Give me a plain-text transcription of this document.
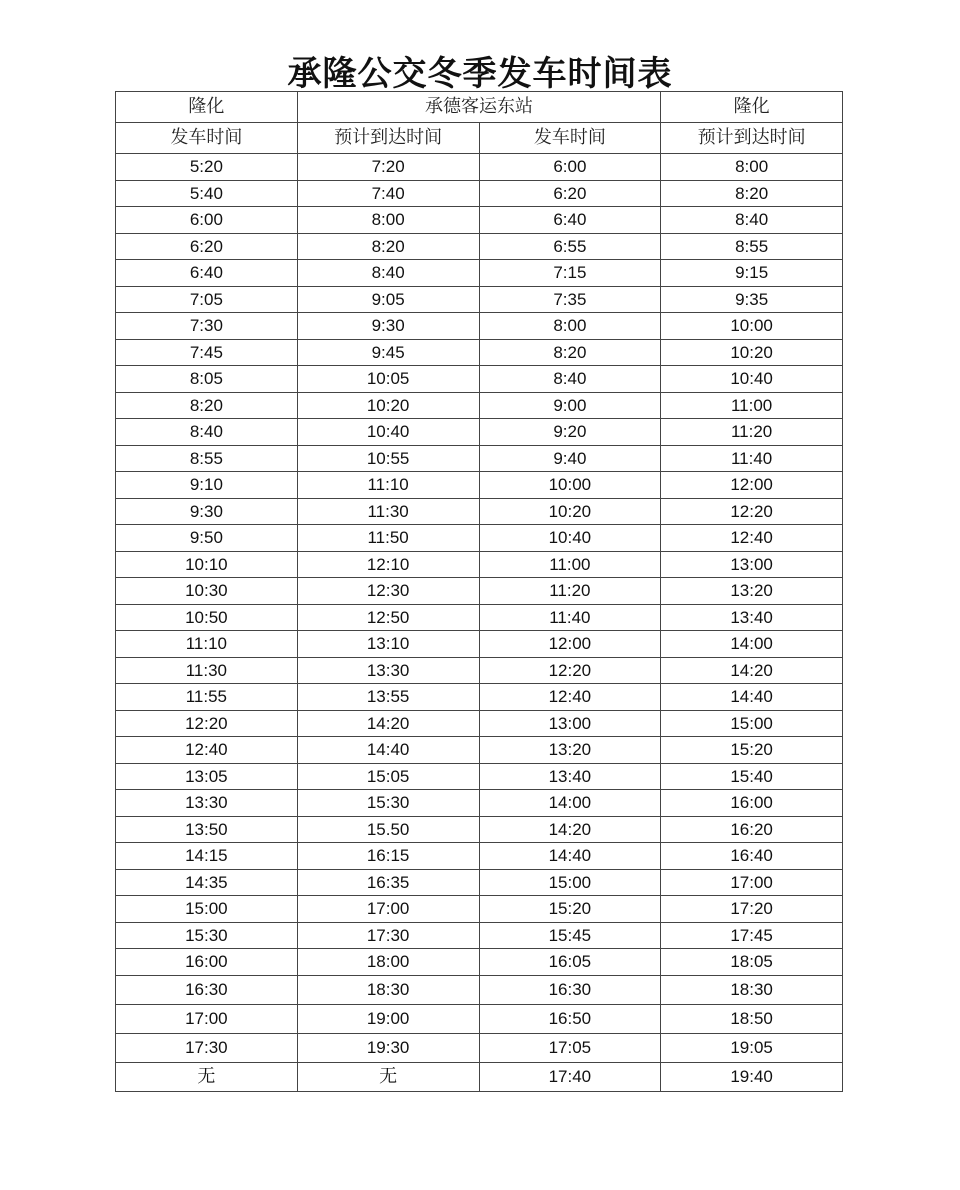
承隆公交冬季发车时间表
隆化	承德客运东站		隆化
发车时间	预计到达时间	发车时间	预计到达时间
5:20	7:20	6:00	8:00
5:40	7:40	6:20	8:20
6:00	8:00	6:40	8:40
6:20	8:20	6:55	8:55
6:40	8:40	7:15	9:15
7:05	9:05	7:35	9:35
7:30	9:30	8:00	10:00
7:45	9:45	8:20	10:20
8:05	10:05	8:40	10:40
8:20	10:20	9:00	11:00
8:40	10:40	9:20	11:20
8:55	10:55	9:40	11:40
9:10	11:10	10:00	12:00
9:30	11:30	10:20	12:20
9:50	11:50	10:40	12:40
10:10	12:10	11:00	13:00
10:30	12:30	11:20	13:20
10:50	12:50	11:40	13:40
11:10	13:10	12:00	14:00
11:30	13:30	12:20	14:20
11:55	13:55	12:40	14:40
12:20	14:20	13:00	15:00
12:40	14:40	13:20	15:20
13:05	15:05	13:40	15:40
13:30	15:30	14:00	16:00
13:50	15.50	14:20	16:20
14:15	16:15	14:40	16:40
14:35	16:35	15:00	17:00
15:00	17:00	15:20	17:20
15:30	17:30	15:45	17:45
16:00	18:00	16:05	18:05
16:30	18:30	16:30	18:30
17:00	19:00	16:50	18:50
17:30	19:30	17:05	19:05
无	无	17:40	19:40
